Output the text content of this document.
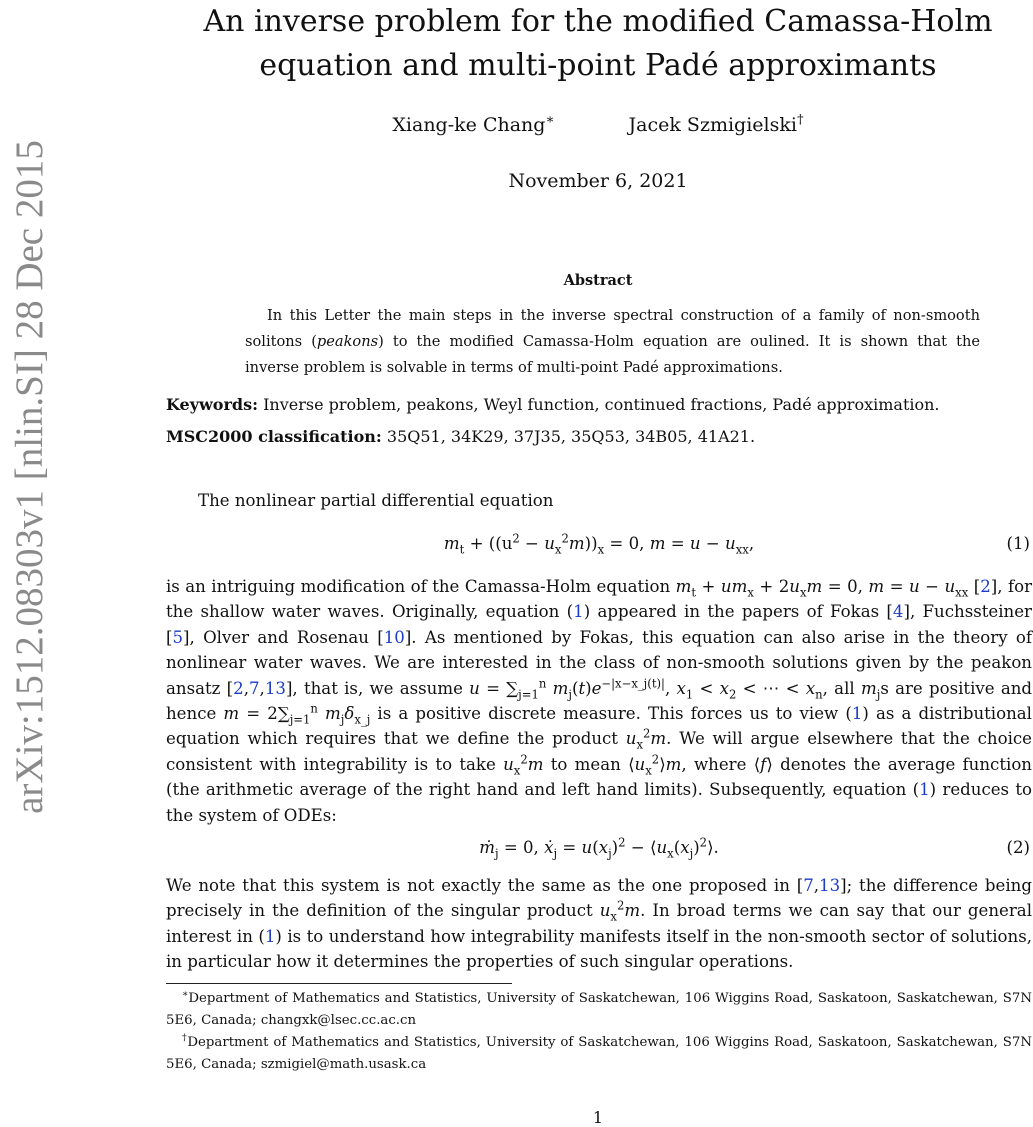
arXiv:1512.08303v1 [nlin.SI] 28 Dec 2015
An inverse problem for the modified Camassa-Holm
equation and multi-point Padé approximants
Xiang-ke Chang∗	Jacek Szmigielski†
November 6, 2021
Abstract
In this Letter the main steps in the inverse spectral construction of a family of non-smooth solitons (peakons) to the modified Camassa-Holm equation are oulined. It is shown that the inverse problem is solvable in terms of multi-point Padé approximations.
Keywords: Inverse problem, peakons, Weyl function, continued fractions, Padé approximation.
MSC2000 classification: 35Q51, 34K29, 37J35, 35Q53, 34B05, 41A21.
The nonlinear partial differential equation
$m_t + ((u^2 - u_x^2m))_x = 0$, $m = u - u_{xx}$,	(1)
is an intriguing modification of the Camassa-Holm equation $m_t + um_x + 2u_xm = 0$, $m = u - u_{xx}$ [2], for the shallow water waves. Originally, equation (1) appeared in the papers of Fokas [4], Fuchssteiner [5], Olver and Rosenau [10]. As mentioned by Fokas, this equation can also arise in the theory of nonlinear water waves. We are interested in the class of non-smooth solutions given by the peakon ansatz [2,7,13], that is, we assume $u = \sum_{j=1}^n$ $m_j(t)e^{-|x-x\_j(t)|}$, $x_1 < x_2$ < ⋯ < $x_n$, all $m_js$ are positive and hence $m = 2\sum_{j=1}^n$ $m_j\delta_{x\_j}$ is a positive discrete measure. This forces us to view (1) as a distributional equation which requires that we define the product $u_x^2m$. We will argue elsewhere that the choice consistent with integrability is to take $u_x^2m$ to mean $⟨u_x^2⟩m$, where ⟨f⟩ denotes the average function (the arithmetic average of the right hand and left hand limits). Subsequently, equation (1) reduces to the system of ODEs:
ṁ$_j$ = 0, ẋ$_j$ = $u(x_j)^2$ − $⟨u_x(x_j)^2⟩$.	(2)
We note that this system is not exactly the same as the one proposed in [7,13]; the difference being precisely in the definition of the singular product $u_x^2m$. In broad terms we can say that our general interest in (1) is to understand how integrability manifests itself in the non-smooth sector of solutions, in particular how it determines the properties of such singular operations.
∗Department of Mathematics and Statistics, University of Saskatchewan, 106 Wiggins Road, Saskatoon, Saskatchewan, S7N 5E6, Canada; changxk@lsec.cc.ac.cn
†Department of Mathematics and Statistics, University of Saskatchewan, 106 Wiggins Road, Saskatoon, Saskatchewan, S7N 5E6, Canada; szmigiel@math.usask.ca
1
